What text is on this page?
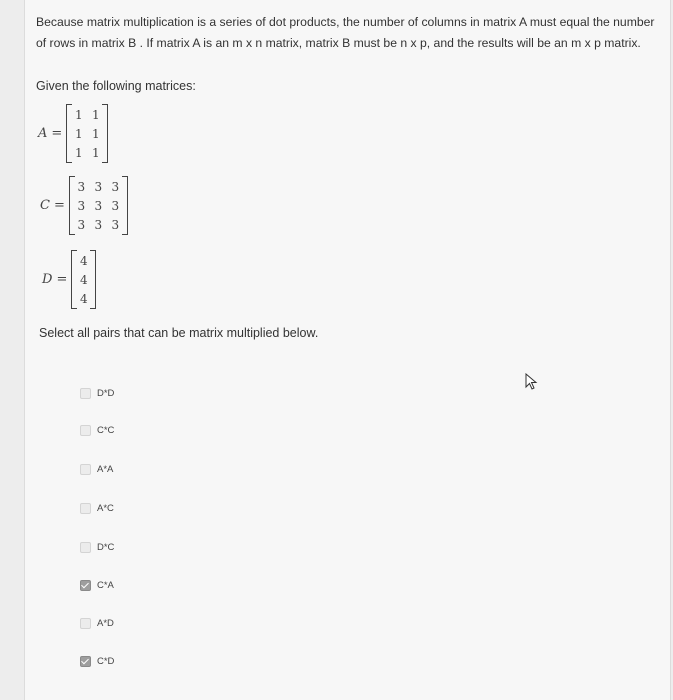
Because matrix multiplication is a series of dot products, the number of columns in matrix A must equal the number of rows in matrix B . If matrix A is an m x n matrix, matrix B must be n x p, and the results will be an m x p matrix.
Given the following matrices:
A =
1	1
1	1
1	1
C =
3	3	3
3	3	3
3	3	3
D =
4
4
4
Select all pairs that can be matrix multiplied below.
D*D
C*C
A*A
A*C
D*C
C*A
A*D
C*D
